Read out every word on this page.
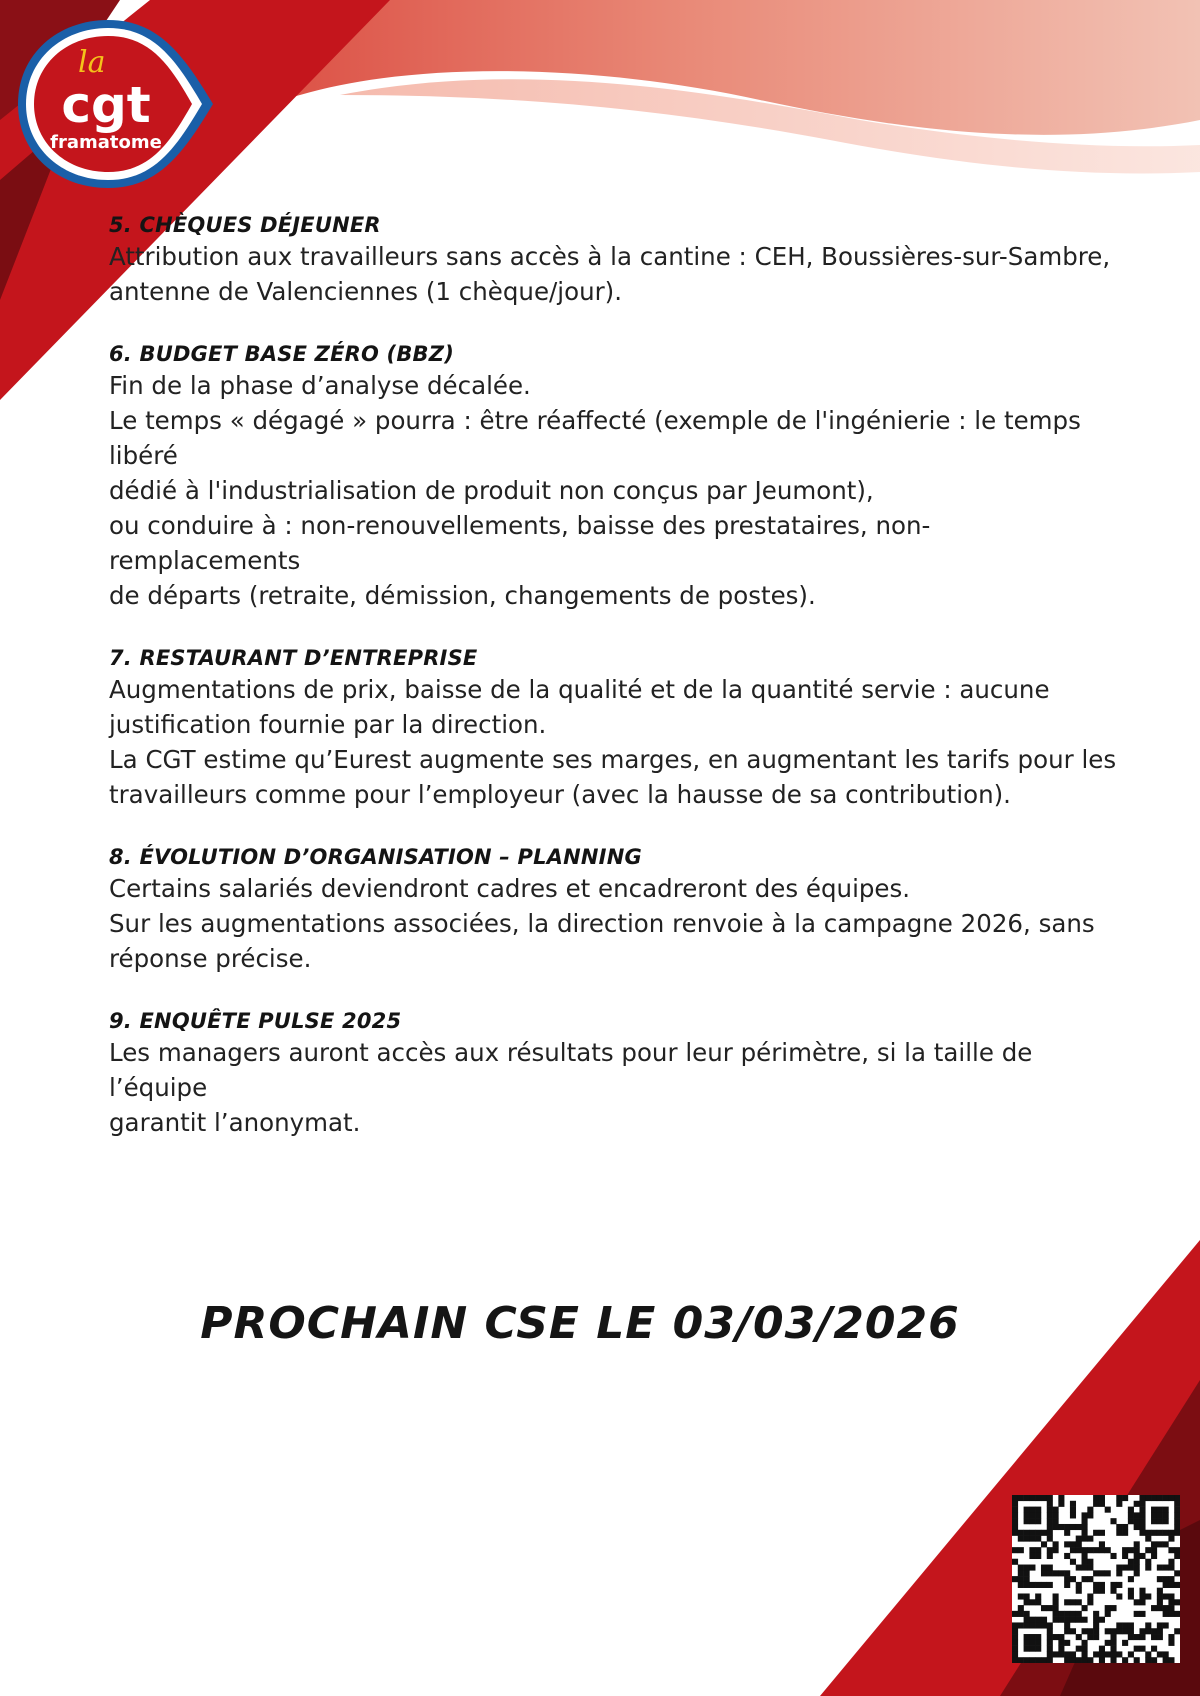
la
cgt
framatome
5. CHÈQUES DÉJEUNER

Attribution aux travailleurs sans accès à la cantine : CEH, Boussières-sur-Sambre,
antenne de Valenciennes (1 chèque/jour).

6. BUDGET BASE ZÉRO (BBZ)

Fin de la phase d’analyse décalée.
Le temps « dégagé » pourra : être réaffecté (exemple de l'ingénierie : le temps libéré
dédié à l'industrialisation de produit non conçus par Jeumont),
ou conduire à : non-renouvellements, baisse des prestataires, non-remplacements
de départs (retraite, démission, changements de postes).

7. RESTAURANT D’ENTREPRISE

Augmentations de prix, baisse de la qualité et de la quantité servie : aucune
justification fournie par la direction.
La CGT estime qu’Eurest augmente ses marges, en augmentant les tarifs pour les
travailleurs comme pour l’employeur (avec la hausse de sa contribution).

8. ÉVOLUTION D’ORGANISATION – PLANNING

Certains salariés deviendront cadres et encadreront des équipes.
Sur les augmentations associées, la direction renvoie à la campagne 2026, sans
réponse précise.

9. ENQUÊTE PULSE 2025

Les managers auront accès aux résultats pour leur périmètre, si la taille de l’équipe
garantit l’anonymat.

PROCHAIN CSE LE 03/03/2026
